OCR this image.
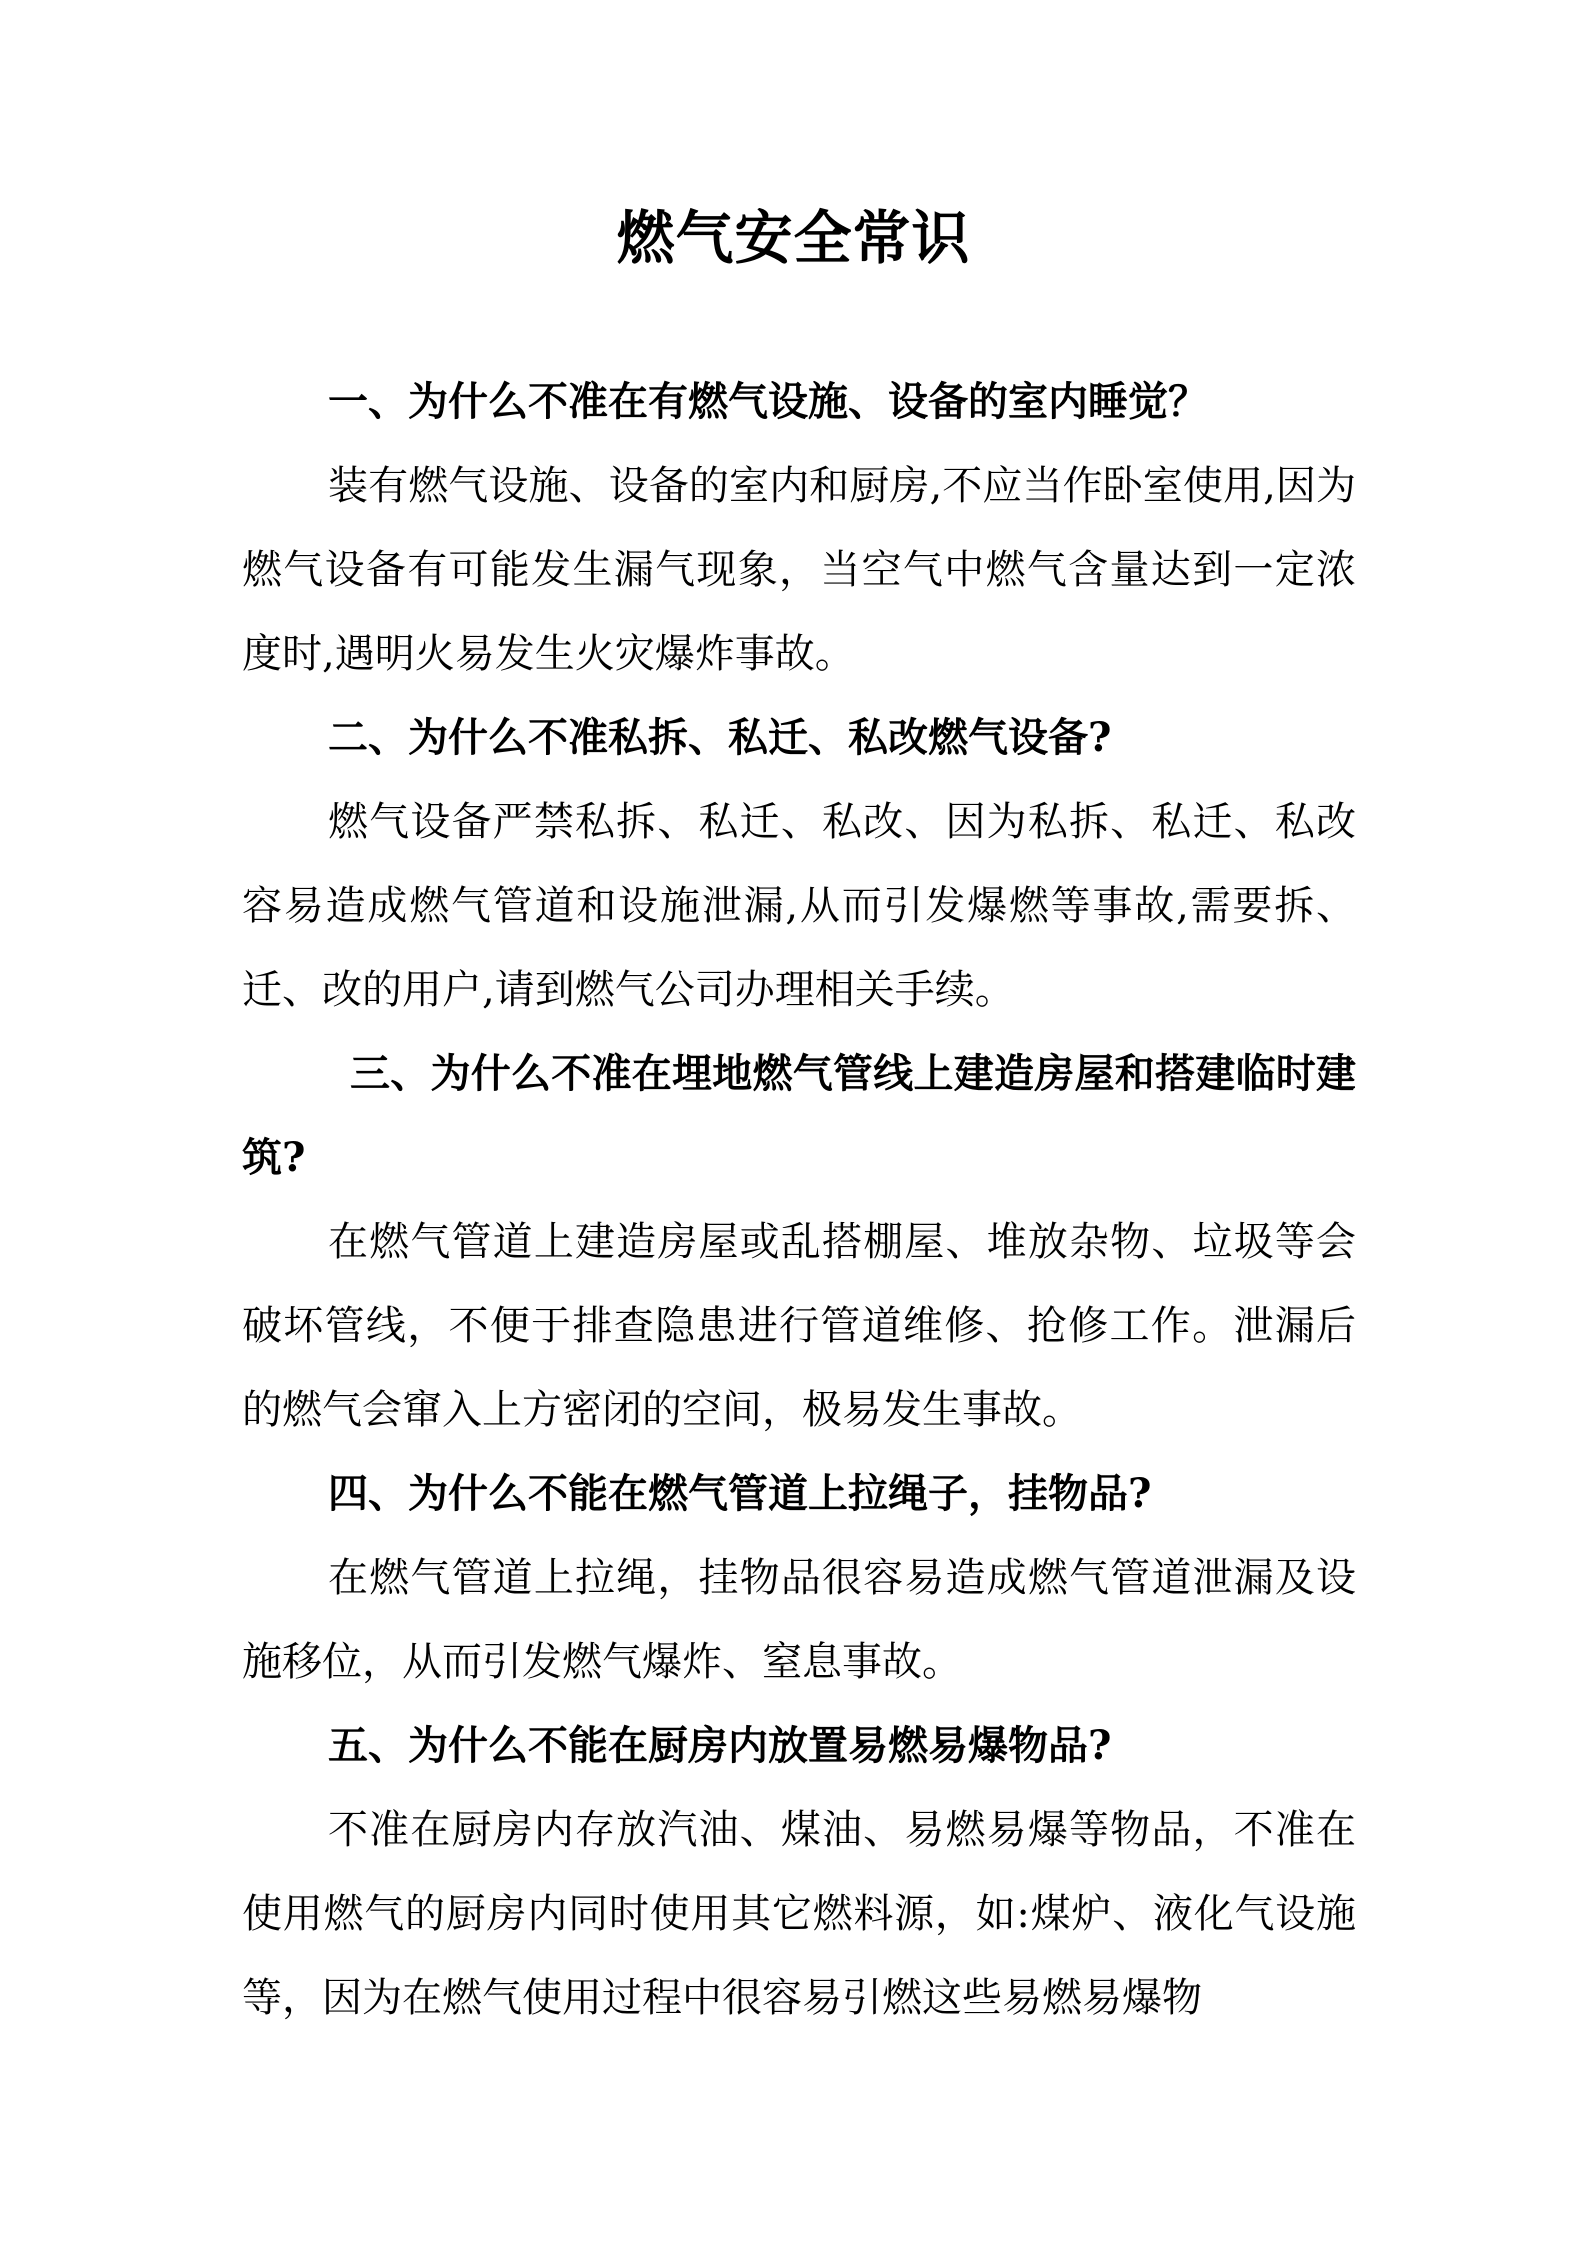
燃气安全常识

一、为什么不准在有燃气设施、设备的室内睡觉？

装有燃气设施、设备的室内和厨房,不应当作卧室使用,因为燃气设备有可能发生漏气现象，当空气中燃气含量达到一定浓度时,遇明火易发生火灾爆炸事故。

二、为什么不准私拆、私迁、私改燃气设备?

燃气设备严禁私拆、私迁、私改、因为私拆、私迁、私改容易造成燃气管道和设施泄漏,从而引发爆燃等事故,需要拆、迁、改的用户,请到燃气公司办理相关手续。

三、为什么不准在埋地燃气管线上建造房屋和搭建临时建筑?

在燃气管道上建造房屋或乱搭棚屋、堆放杂物、垃圾等会破坏管线，不便于排查隐患进行管道维修、抢修工作。泄漏后的燃气会窜入上方密闭的空间，极易发生事故。

四、为什么不能在燃气管道上拉绳子，挂物品?

在燃气管道上拉绳，挂物品很容易造成燃气管道泄漏及设施移位，从而引发燃气爆炸、窒息事故。

五、为什么不能在厨房内放置易燃易爆物品?

不准在厨房内存放汽油、煤油、易燃易爆等物品，不准在使用燃气的厨房内同时使用其它燃料源，如:煤炉、液化气设施等，因为在燃气使用过程中很容易引燃这些易燃易爆物
